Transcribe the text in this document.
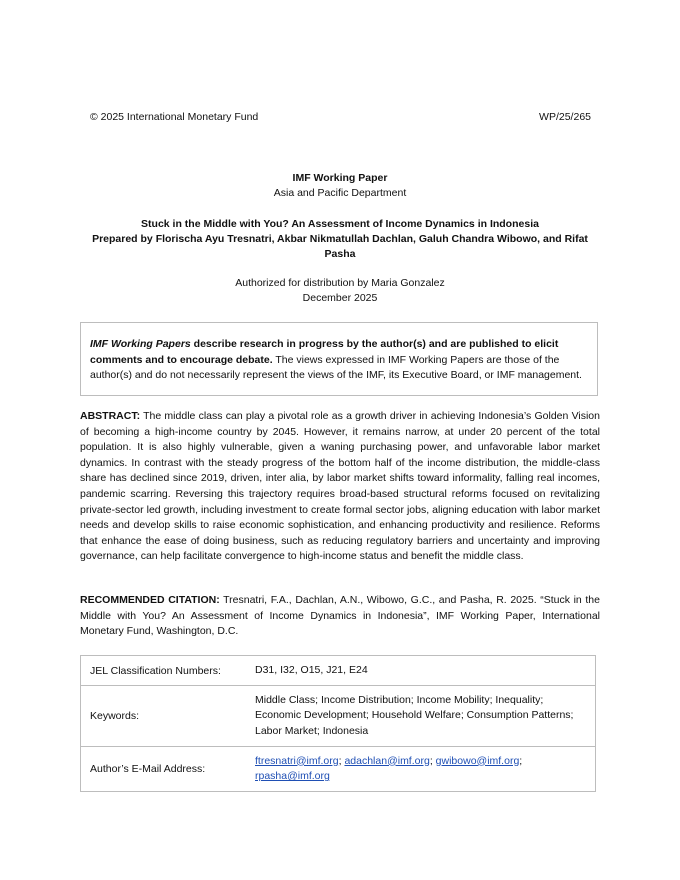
© 2025 International Monetary Fund	WP/25/265
IMF Working Paper
Asia and Pacific Department
Stuck in the Middle with You? An Assessment of Income Dynamics in Indonesia
Prepared by Florischa Ayu Tresnatri, Akbar Nikmatullah Dachlan, Galuh Chandra Wibowo, and Rifat Pasha
Authorized for distribution by Maria Gonzalez
December 2025
IMF Working Papers describe research in progress by the author(s) and are published to elicit comments and to encourage debate. The views expressed in IMF Working Papers are those of the author(s) and do not necessarily represent the views of the IMF, its Executive Board, or IMF management.
ABSTRACT: The middle class can play a pivotal role as a growth driver in achieving Indonesia’s Golden Vision of becoming a high-income country by 2045. However, it remains narrow, at under 20 percent of the total population. It is also highly vulnerable, given a waning purchasing power, and unfavorable labor market dynamics. In contrast with the steady progress of the bottom half of the income distribution, the middle-class share has declined since 2019, driven, inter alia, by labor market shifts toward informality, falling real incomes, pandemic scarring. Reversing this trajectory requires broad-based structural reforms focused on revitalizing private-sector led growth, including investment to create formal sector jobs, aligning education with labor market needs and develop skills to raise economic sophistication, and enhancing productivity and resilience. Reforms that enhance the ease of doing business, such as reducing regulatory barriers and uncertainty and improving governance, can help facilitate convergence to high-income status and benefit the middle class.
RECOMMENDED CITATION: Tresnatri, F.A., Dachlan, A.N., Wibowo, G.C., and Pasha, R. 2025. “Stuck in the Middle with You? An Assessment of Income Dynamics in Indonesia”, IMF Working Paper, International Monetary Fund, Washington, D.C.
JEL Classification Numbers:	D31, I32, O15, J21, E24
Keywords:
Middle Class; Income Distribution; Income Mobility; Inequality; Economic Development; Household Welfare; Consumption Patterns; Labor Market; Indonesia
Author’s E-Mail Address:
ftresnatri@imf.org; adachlan@imf.org; gwibowo@imf.org;
rpasha@imf.org
